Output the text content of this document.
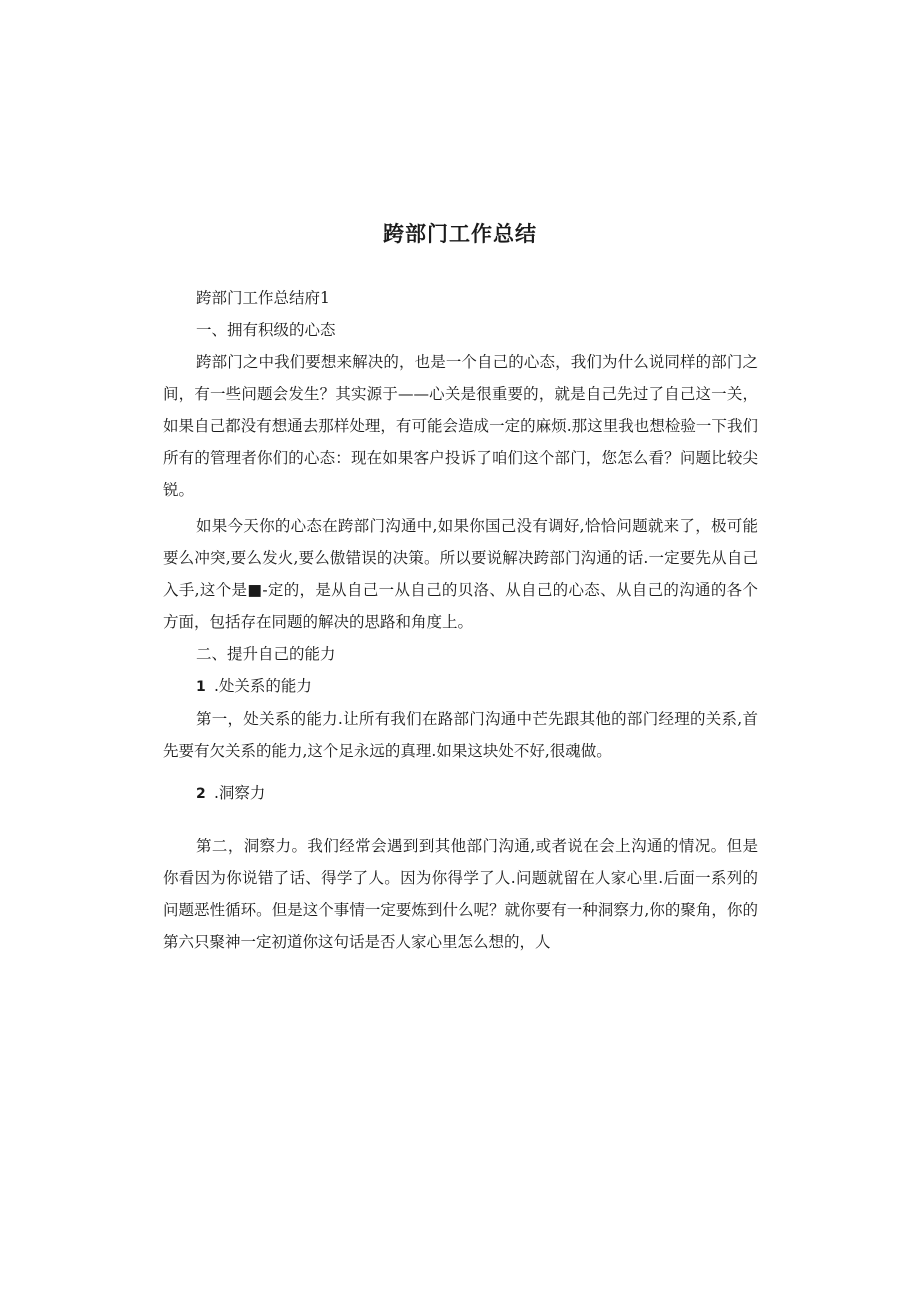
跨部门工作总结

跨部门工作总结府1

一、拥有积级的心态

跨部门之中我们要想来解决的，也是一个自己的心态，我们为什么说同样的部门之间，有一些问题会发生？其实源于——心关是很重要的，就是自己先过了自己这一关，如果自己都没有想通去那样处理，有可能会造成一定的麻烦.那这里我也想检验一下我们所有的管理者你们的心态：现在如果客户投诉了咱们这个部门，您怎么看？问题比较尖锐。

如果今天你的心态在跨部门沟通中,如果你国己没有调好,恰恰问题就来了，极可能要么冲突,要么发火,要么傲错误的决策。所以要说解决跨部门沟通的话.一定要先从自己入手,这个是■-定的，是从自己一从自己的贝洛、从自己的心态、从自己的沟通的各个方面，包括存在同题的解决的思路和角度上。

二、提升自己的能力

1 .处关系的能力

第一，处关系的能力.让所有我们在路部门沟通中芒先跟其他的部门经理的关系,首先要有欠关系的能力,这个足永远的真理.如果这块处不好,很魂做。

2 .洞察力

第二，洞察力。我们经常会遇到到其他部门沟通,或者说在会上沟通的情况。但是你看因为你说错了话、得学了人。因为你得学了人.问题就留在人家心里.后面一系列的问题恶性循环。但是这个事情一定要炼到什么呢？就你要有一种洞察力,你的聚角，你的第六只聚神一定初道你这句话是否人家心里怎么想的，人
